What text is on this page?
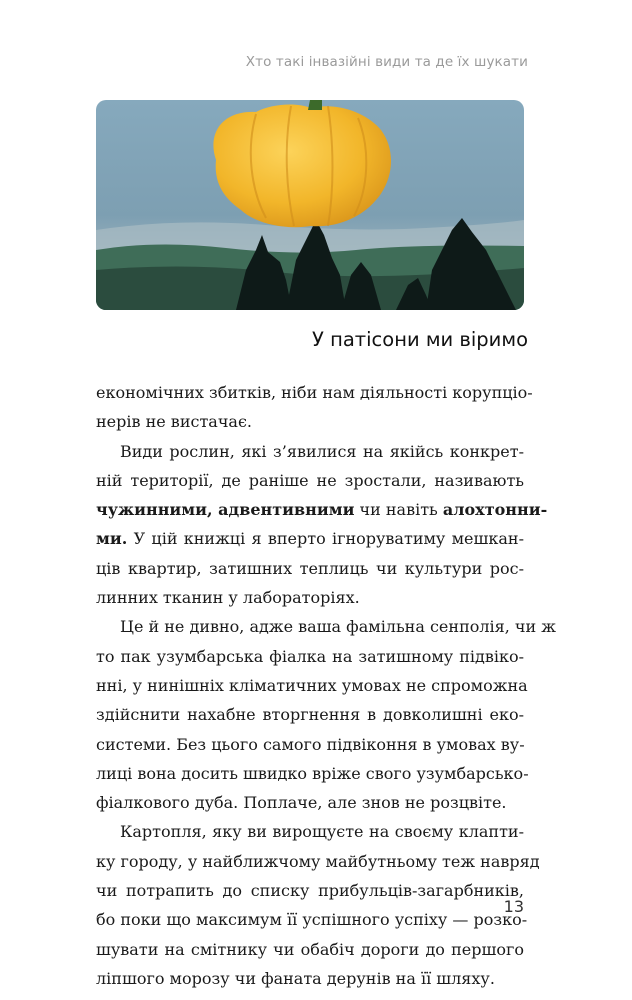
Хто такі інвазійні види та де їх шукати
У патісони ми віримо
економічних збитків, ніби нам діяльності корупціо-
нерів не вистачає.
Види рослин, які з’явилися на якійсь конкрет-
ній території, де раніше не зростали, називають
чужинними, адвентивними чи навіть алохтонни-
ми. У цій книжці я вперто ігноруватиму мешкан-
ців квартир, затишних теплиць чи культури рос-
линних тканин у лабораторіях.
Це й не дивно, адже ваша фамільна сенполія, чи ж
то пак узумбарська фіалка на затишному підвіко-
нні, у нинішніх кліматичних умовах не спроможна
здійснити нахабне вторгнення в довколишні еко-
системи. Без цього самого підвіконня в умовах ву-
лиці вона досить швидко вріже свого узумбарсько-
фіалкового дуба. Поплаче, але знов не розцвіте.
Картопля, яку ви вирощуєте на своєму клапти-
ку городу, у найближчому майбутньому теж навряд
чи потрапить до списку прибульців-загарбників,
бо поки що максимум її успішного успіху — розко-
шувати на смітнику чи обабіч дороги до першого
ліпшого морозу чи фаната дерунів на її шляху.
13
